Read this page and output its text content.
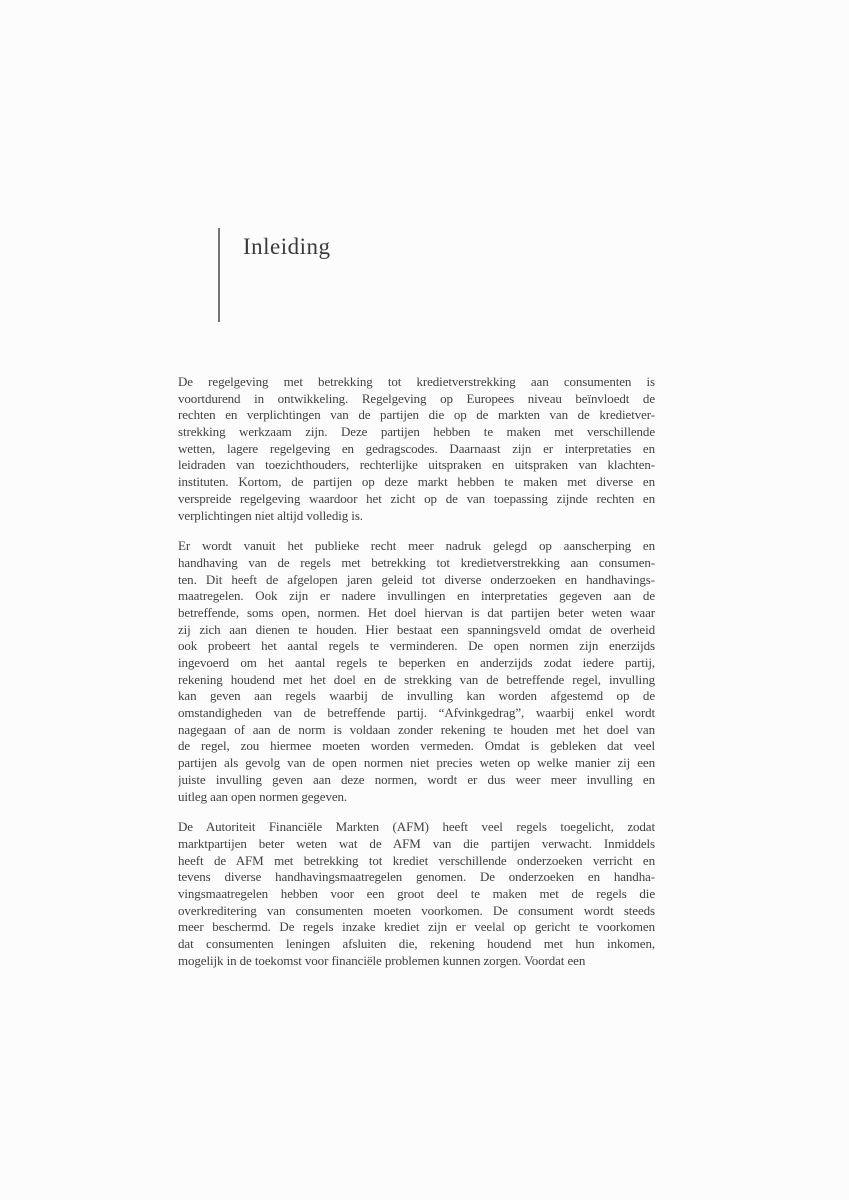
Inleiding

De regelgeving met betrekking tot kredietverstrekking aan consumenten is
voortdurend in ontwikkeling. Regelgeving op Europees niveau beïnvloedt de
rechten en verplichtingen van de partijen die op de markten van de kredietver-
strekking werkzaam zijn. Deze partijen hebben te maken met verschillende
wetten, lagere regelgeving en gedragscodes. Daarnaast zijn er interpretaties en
leidraden van toezichthouders, rechterlijke uitspraken en uitspraken van klachten-
instituten. Kortom, de partijen op deze markt hebben te maken met diverse en
verspreide regelgeving waardoor het zicht op de van toepassing zijnde rechten en
verplichtingen niet altijd volledig is.

Er wordt vanuit het publieke recht meer nadruk gelegd op aanscherping en
handhaving van de regels met betrekking tot kredietverstrekking aan consumen-
ten. Dit heeft de afgelopen jaren geleid tot diverse onderzoeken en handhavings-
maatregelen. Ook zijn er nadere invullingen en interpretaties gegeven aan de
betreffende, soms open, normen. Het doel hiervan is dat partijen beter weten waar
zij zich aan dienen te houden. Hier bestaat een spanningsveld omdat de overheid
ook probeert het aantal regels te verminderen. De open normen zijn enerzijds
ingevoerd om het aantal regels te beperken en anderzijds zodat iedere partij,
rekening houdend met het doel en de strekking van de betreffende regel, invulling
kan geven aan regels waarbij de invulling kan worden afgestemd op de
omstandigheden van de betreffende partij. “Afvinkgedrag”, waarbij enkel wordt
nagegaan of aan de norm is voldaan zonder rekening te houden met het doel van
de regel, zou hiermee moeten worden vermeden. Omdat is gebleken dat veel
partijen als gevolg van de open normen niet precies weten op welke manier zij een
juiste invulling geven aan deze normen, wordt er dus weer meer invulling en
uitleg aan open normen gegeven.

De Autoriteit Financiële Markten (AFM) heeft veel regels toegelicht, zodat
marktpartijen beter weten wat de AFM van die partijen verwacht. Inmiddels
heeft de AFM met betrekking tot krediet verschillende onderzoeken verricht en
tevens diverse handhavingsmaatregelen genomen. De onderzoeken en handha-
vingsmaatregelen hebben voor een groot deel te maken met de regels die
overkreditering van consumenten moeten voorkomen. De consument wordt steeds
meer beschermd. De regels inzake krediet zijn er veelal op gericht te voorkomen
dat consumenten leningen afsluiten die, rekening houdend met hun inkomen,
mogelijk in de toekomst voor financiële problemen kunnen zorgen. Voordat een
